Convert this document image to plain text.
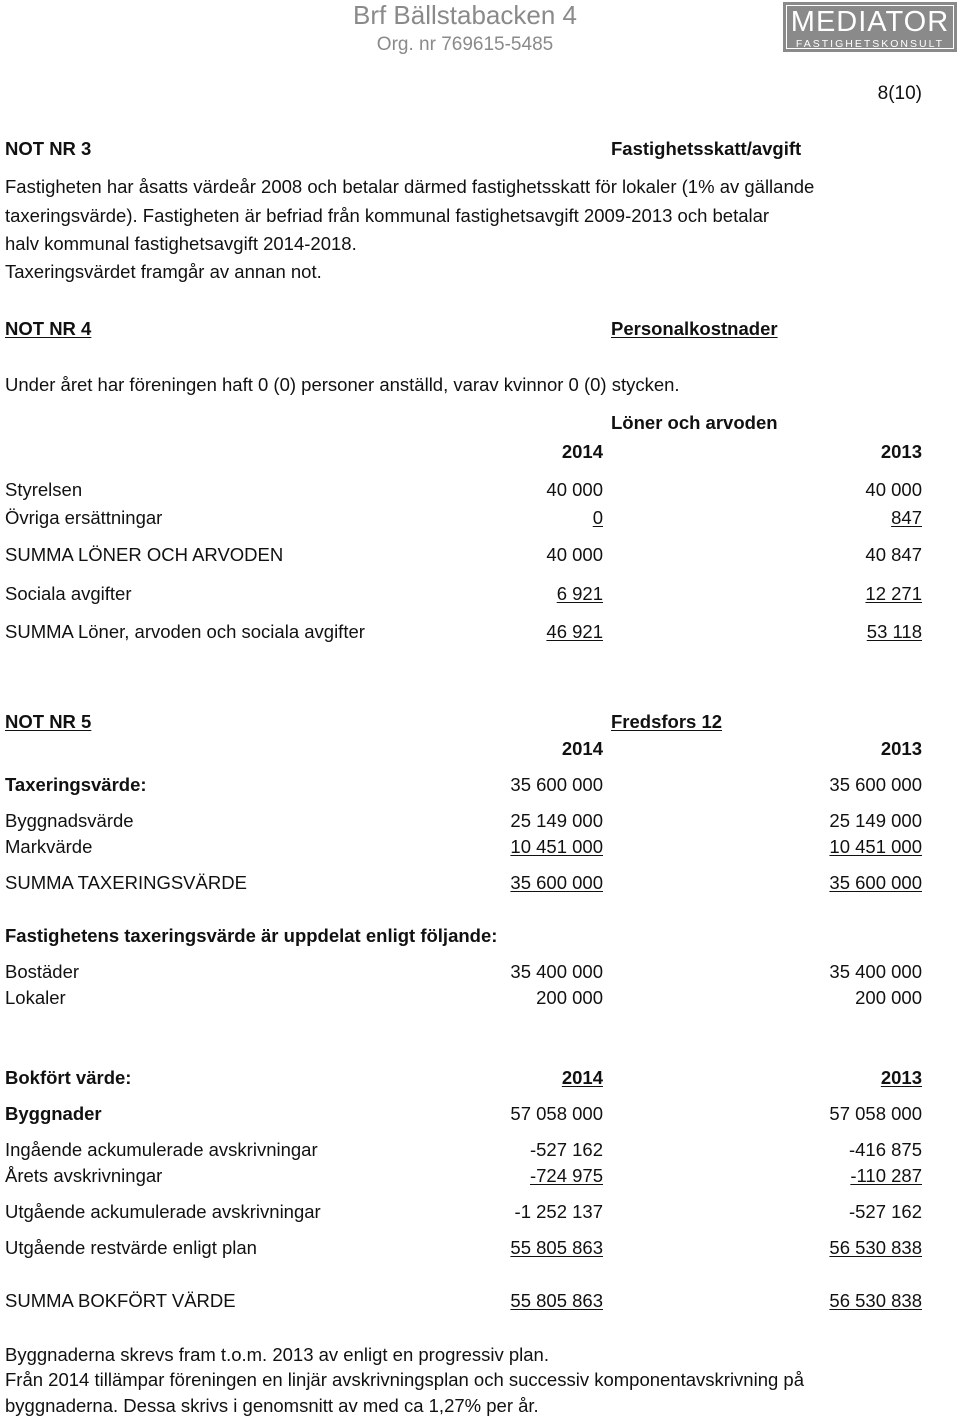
Brf Bällstabacken 4
Org. nr 769615-5485
MEDIATOR
FASTIGHETSKONSULT
8(10)
NOT NR 3	Fastighetsskatt/avgift
Fastigheten har åsatts värdeår 2008 och betalar därmed fastighetsskatt för lokaler (1% av gällande
taxeringsvärde). Fastigheten är befriad från kommunal fastighetsavgift 2009-2013 och betalar
halv kommunal fastighetsavgift 2014-2018.
Taxeringsvärdet framgår av annan not.
NOT NR 4	Personalkostnader
Under året har föreningen haft 0 (0) personer anställd, varav kvinnor 0 (0) stycken.
Löner och arvoden
2014	2013
Styrelsen	40 000	40 000
Övriga ersättningar	0	847
SUMMA LÖNER OCH ARVODEN	40 000	40 847
Sociala avgifter	6 921	12 271
SUMMA Löner, arvoden och sociala avgifter	46 921	53 118
NOT NR 5	Fredsfors 12
2014	2013
Taxeringsvärde:	35 600 000	35 600 000
Byggnadsvärde	25 149 000	25 149 000
Markvärde	10 451 000	10 451 000
SUMMA TAXERINGSVÄRDE	35 600 000	35 600 000
Fastighetens taxeringsvärde är uppdelat enligt följande:
Bostäder	35 400 000	35 400 000
Lokaler	200 000	200 000
Bokfört värde:	2014	2013
Byggnader	57 058 000	57 058 000
Ingående ackumulerade avskrivningar	-527 162	-416 875
Årets avskrivningar	-724 975	-110 287
Utgående ackumulerade avskrivningar	-1 252 137	-527 162
Utgående restvärde enligt plan	55 805 863	56 530 838
SUMMA BOKFÖRT VÄRDE	55 805 863	56 530 838
Byggnaderna skrevs fram t.o.m. 2013 av enligt en progressiv plan.
Från 2014 tillämpar föreningen en linjär avskrivningsplan och successiv komponentavskrivning på
byggnaderna. Dessa skrivs i genomsnitt av med ca 1,27% per år.
